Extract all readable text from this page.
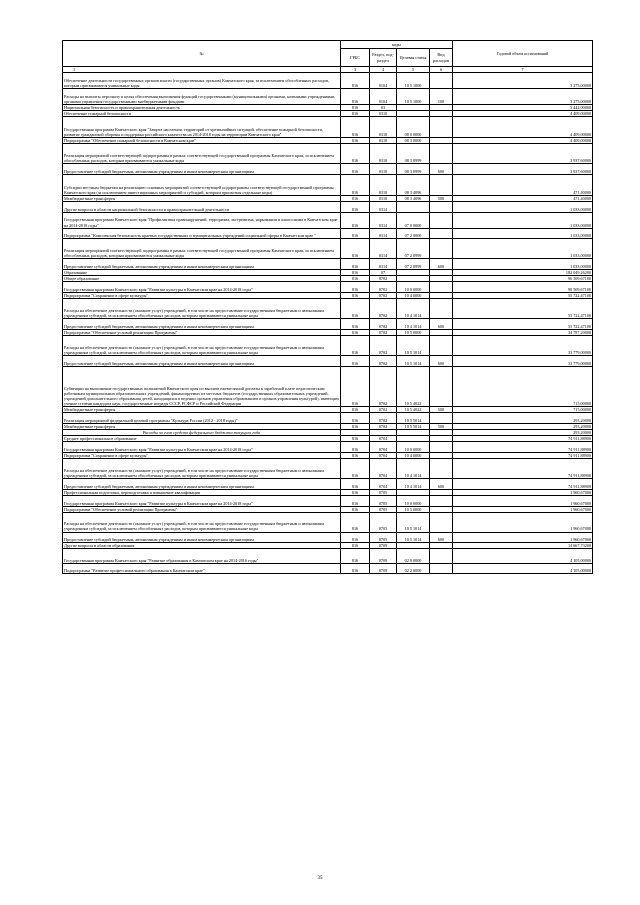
№	коды				Годовой объем ассигнований
	ГРБС	Раздел, под-раздел	Целевая статья	Вид расходов	
1	3	4	5	6	7
Обеспечение деятельности государственных органов власти (государственных органов) Камчатского края, за исключением обособленных расходов, которым присваиваются уникальные коды	816	0104	10 5 1000		3 275,00000
Расходы на выплаты персоналу в целях обеспечения выполнения функций государственными (муниципальными) органами, казенными учреждениями, органами управления государственными внебюджетными фондами	816	0104	10 5 1000	100	3 275,00000
Национальная безопасность и правоохранительная деятельность	816	03			5 442,00000
Обеспечение пожарной безопасности	816	0310			4 409,00000
Государственная программа Камчатского края "Защита населения, территорий от чрезвычайных ситуаций, обеспечение пожарной безопасности, развитие гражданской обороны и поддержка российского казачества на 2014-2018 годы на территории Камчатского края"	816	0310	08 0 0000		4 409,00000
Подпрограмма "Обеспечение пожарной безопасности в Камчатском крае"	816	0310	08 3 0000		4 409,00000
Реализация мероприятий соответствующей подпрограммы в рамках соответствующей государственной программы Камчатского края, за исключением обособленных расходов, которым присваиваются уникальные коды	816	0310	08 3 0999		3 937,60000
Предоставление субсидий бюджетным, автономным учреждениям и иным некоммерческим организациям	816	0310	08 3 0999	600	3 937,60000
Субсидии местным бюджетам на реализацию основных мероприятий соответствующей подпрограммы соответствующей государственной программы Камчатского края (за исключением инвестиционных мероприятий и субсидий, которым присвоены отдельные коды)	816	0310	08 3 4096		471,40000
Межбюджетные трансферты	816	0310	08 3 4096	500	471,40000
Другие вопросы в области национальной безопасности и правоохранительной деятельности	816	0314			1 033,00000
Государственная программа Камчатского края "Профилактика правонарушений, терроризма, экстремизма, наркомании и алкоголизма в Камчатском крае на 2014-2018 годы"	816	0314	07 0 0000		1 033,00000
Подпрограмма "Комплексная безопасность краевых государственных и муниципальных учреждений социальной сферы в Камчатском крае "	816	0314	07 2 0000		1 033,00000
Реализация мероприятий соответствующей подпрограммы в рамках соответствующей государственной программы Камчатского края, за исключением обособленных расходов, которым присваиваются уникальные коды	816	0314	07 2 0999		1 033,00000
Предоставление субсидий бюджетным, автономным учреждениям и иным некоммерческим организациям	816	0314	07 2 0999	600	1 033,00000
Образование	816	07			182 049,26200
Общее образование	816	0702			90 509,67100
Государственная программа Камчатского края "Развитие культуры в Камчатском крае на 2014-2018 годы"	816	0702	10 0 0000		90 509,67100
Подпрограмма "Сохранение в сфере культуры"	816	0702	10 4 0000		55 722,47100
Расходы на обеспечение деятельности (оказание услуг) учреждений, в том числе на предоставление государственным бюджетным и автономным учреждениям субсидий, за исключением обособленных расходов, которым присваиваются уникальные коды	816	0702	10 4 1014		55 722,47100
Предоставление субсидий бюджетным, автономным учреждениям и иным некоммерческим организациям	816	0702	10 4 1014	600	55 722,47100
Подпрограмма "Обеспечение условий реализации Программы"	816	0702	10 5 0000		34 787,20000
Расходы на обеспечение деятельности (оказание услуг) учреждений, в том числе на предоставление государственным бюджетным и автономным учреждениям субсидий, за исключением обособленных расходов, которым присваиваются уникальные коды	816	0702	10 5 1014		33 779,00000
Предоставление субсидий бюджетным, автономным учреждениям и иным некоммерческим организациям	816	0702	10 5 1014	600	33 779,00000
Субвенции на выполнение государственных полномочий Камчатского края по выплате ежемесячной доплаты к заработной плате педагогическим работникам муниципальных образовательных учреждений, финансируемых из местных бюджетов (государственных образовательных учреждений, учреждений дополнительного образования детей, находящихся в ведении органов управления образованием и органов управления культурой), имеющим ученые степени кандидата наук, государственные награды СССР, РСФСР и Российской Федерации	816	0702	10 5 4022		715,00000
Межбюджетные трансферты	816	0702	10 5 4022	500	715,00000
Реализация мероприятий федеральной целевой программы "Культура России (2012 - 2018 годы)"	816	0702	10 5 5014		293,20000
Межбюджетные трансферты	816	0702	10 5 5014	500	293,20000
Расходы за счет средств федерального бюджета текущего года					293,20000
Среднее профессиональное образование	816	0704			74 911,88900
Государственная программа Камчатского края "Развитие культуры в Камчатском крае на 2014-2018 годы"	816	0704	10 0 0000		74 911,88900
Подпрограмма "Сохранение в сфере культуры"	816	0704	10 4 0000		74 911,88900
Расходы на обеспечение деятельности (оказание услуг) учреждений, в том числе на предоставление государственным бюджетным и автономным учреждениям субсидий, за исключением обособленных расходов, которым присваиваются уникальные коды	816	0704	10 4 1014		74 911,88900
Предоставление субсидий бюджетным, автономным учреждениям и иным некоммерческим организациям	816	0704	10 4 1014	600	74 911,88900
Профессиональная подготовка, переподготовка и повышение квалификации	816	0705			1 960,67000
Государственная программа Камчатского края "Развитие культуры в Камчатском крае на 2014-2018 годы"	816	0705	10 0 0000		1 960,67000
Подпрограмма "Обеспечение условий реализации Программы"	816	0705	10 5 0000		1 960,67000
Расходы на обеспечение деятельности (оказание услуг) учреждений, в том числе на предоставление государственным бюджетным и автономным учреждениям субсидий, за исключением обособленных расходов, которым присваиваются уникальные коды	816	0705	10 5 1014		1 960,67000
Предоставление субсидий бюджетным, автономным учреждениям и иным некоммерческим организациям	816	0705	10 5 1014	600	1 960,67000
Другие вопросы в области образования	816	0709			14 667,73200
Государственная программа Камчатского края "Развитие образования в Камчатском крае на 2014-2016 годы"	816	0709	02 0 0000		4 105,00000
Подпрограмма "Развитие профессионального образования в Камчатском крае"	816	0709	02 2 0000		4 105,00000
35
